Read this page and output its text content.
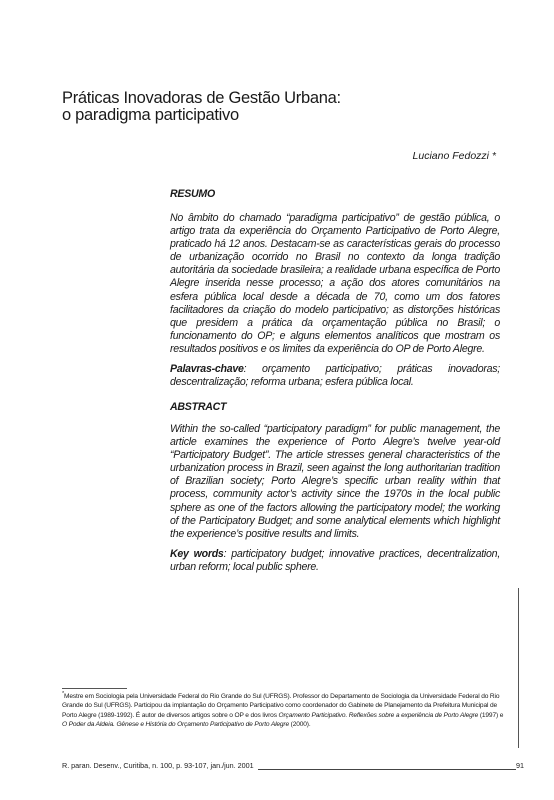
Práticas Inovadoras de Gestão Urbana:
o paradigma participativo
Luciano Fedozzi *

RESUMO

No âmbito do chamado “paradigma participativo” de gestão pública, o artigo trata da experiência do Orçamento Participativo de Porto Alegre, praticado há 12 anos. Destacam-se as características gerais do processo de urbanização ocorrido no Brasil no contexto da longa tradição autoritária da sociedade brasileira; a realidade urbana específica de Porto Alegre inserida nesse processo; a ação dos atores comunitários na esfera pública local desde a década de 70, como um dos fatores facilitadores da criação do modelo participativo; as distorções históricas que presidem a prática da orçamentação pública no Brasil; o funcionamento do OP; e alguns elementos analíticos que mostram os resultados positivos e os limites da experiência do OP de Porto Alegre.

Palavras-chave: orçamento participativo; práticas inovadoras; descentralização; reforma urbana; esfera pública local.

ABSTRACT

Within the so-called “participatory paradigm” for public management, the article examines the experience of Porto Alegre’s twelve year-old “Participatory Budget”. The article stresses general characteristics of the urbanization process in Brazil, seen against the long authoritarian tradition of Brazilian society; Porto Alegre’s specific urban reality within that process, community actor’s activity since the 1970s in the local public sphere as one of the factors allowing the participatory model; the working of the Participatory Budget; and some analytical elements which highlight the experience’s positive results and limits.

Key words: participatory budget; innovative practices, decentralization, urban reform; local public sphere.

*Mestre em Sociologia pela Universidade Federal do Rio Grande do Sul (UFRGS). Professor do Departamento de Sociologia da Universidade Federal do Rio Grande do Sul (UFRGS). Participou da implantação do Orçamento Participativo como coordenador do Gabinete de Planejamento da Prefeitura Municipal de Porto Alegre (1989-1992). É autor de diversos artigos sobre o OP e dos livros Orçamento Participativo. Reflexões sobre a experiência de Porto Alegre (1997) e O Poder da Aldeia. Gênese e História do Orçamento Participativo de Porto Alegre (2000).
R. paran. Desenv., Curitiba, n. 100, p. 93-107, jan./jun. 2001	91
